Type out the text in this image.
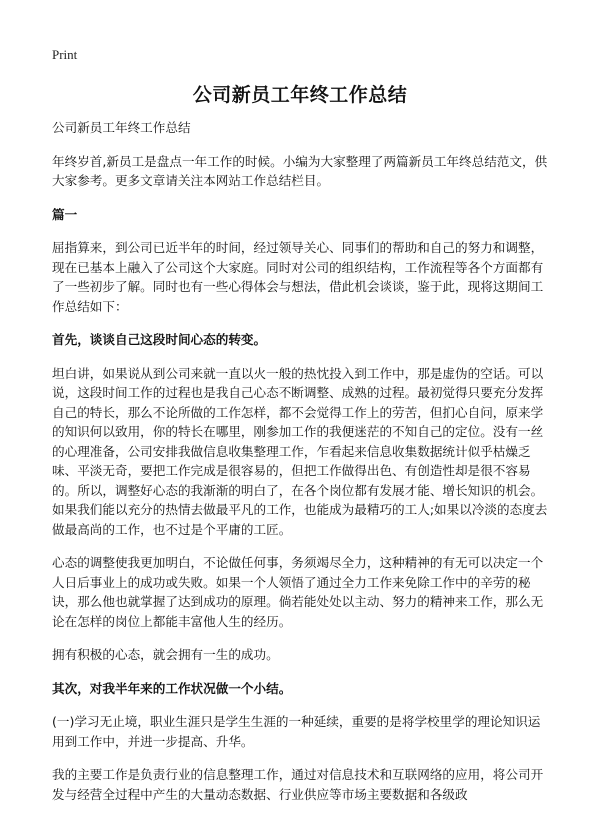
Print
公司新员工年终工作总结

公司新员工年终工作总结

年终岁首,新员工是盘点一年工作的时候。小编为大家整理了两篇新员工年终总结范文，供大家参考。更多文章请关注本网站工作总结栏目。

篇一

屈指算来，到公司已近半年的时间，经过领导关心、同事们的帮助和自己的努力和调整，现在已基本上融入了公司这个大家庭。同时对公司的组织结构，工作流程等各个方面都有了一些初步了解。同时也有一些心得体会与想法，借此机会谈谈，鉴于此，现将这期间工作总结如下：

首先，谈谈自己这段时间心态的转变。

坦白讲，如果说从到公司来就一直以火一般的热忱投入到工作中，那是虚伪的空话。可以说，这段时间工作的过程也是我自己心态不断调整、成熟的过程。最初觉得只要充分发挥自己的特长，那么不论所做的工作怎样，都不会觉得工作上的劳苦，但扪心自问，原来学的知识何以致用，你的特长在哪里，刚参加工作的我便迷茫的不知自己的定位。没有一丝的心理准备，公司安排我做信息收集整理工作，乍看起来信息收集数据统计似乎枯燥乏味、平淡无奇，要把工作完成是很容易的，但把工作做得出色、有创造性却是很不容易的。所以，调整好心态的我渐渐的明白了，在各个岗位都有发展才能、增长知识的机会。如果我们能以充分的热情去做最平凡的工作，也能成为最精巧的工人;如果以冷淡的态度去做最高尚的工作，也不过是个平庸的工匠。

心态的调整使我更加明白，不论做任何事，务须竭尽全力，这种精神的有无可以决定一个人日后事业上的成功或失败。如果一个人领悟了通过全力工作来免除工作中的辛劳的秘诀，那么他也就掌握了达到成功的原理。倘若能处处以主动、努力的精神来工作，那么无论在怎样的岗位上都能丰富他人生的经历。

拥有积极的心态，就会拥有一生的成功。

其次，对我半年来的工作状况做一个小结。

(一)学习无止境，职业生涯只是学生生涯的一种延续，重要的是将学校里学的理论知识运用到工作中，并进一步提高、升华。

我的主要工作是负责行业的信息整理工作，通过对信息技术和互联网络的应用，将公司开发与经营全过程中产生的大量动态数据、行业供应等市场主要数据和各级政
